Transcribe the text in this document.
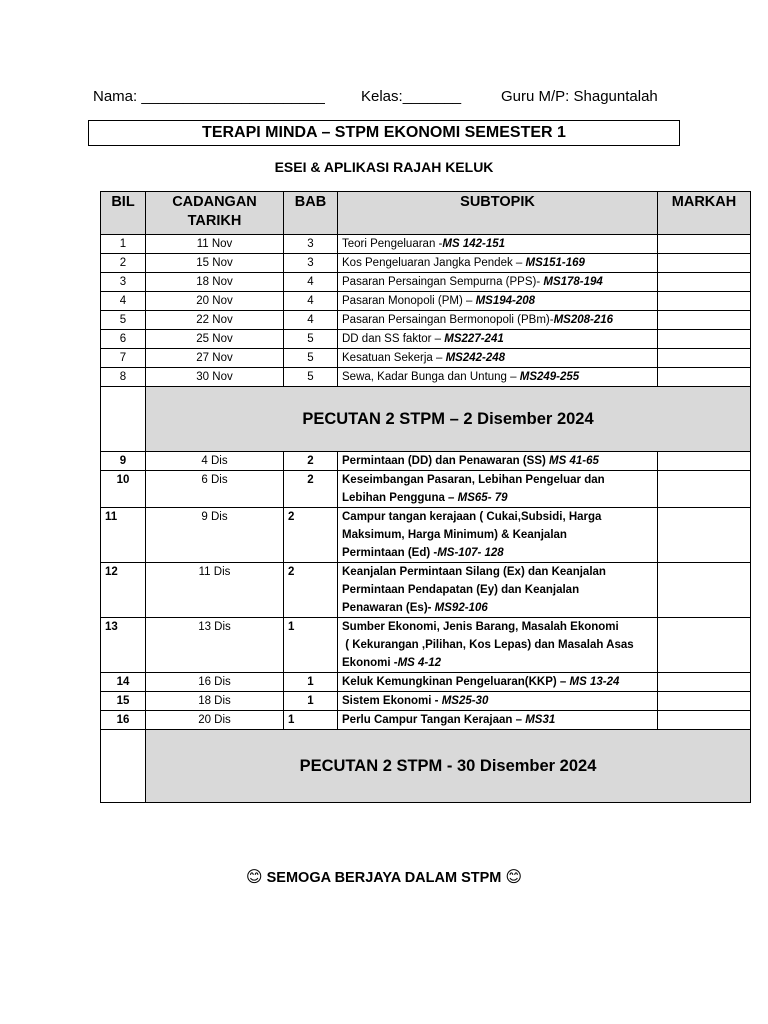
Nama: ______________________ Kelas:_______	Guru M/P: Shaguntalah
TERAPI MINDA – STPM EKONOMI SEMESTER 1
ESEI & APLIKASI RAJAH KELUK
BIL	CADANGAN TARIKH	BAB	SUBTOPIK	MARKAH
1	11 Nov	3	Teori Pengeluaran -MS 142-151	
2	15 Nov	3	Kos Pengeluaran Jangka Pendek – MS151-169	
3	18 Nov	4	Pasaran Persaingan Sempurna (PPS)- MS178-194	
4	20 Nov	4	Pasaran Monopoli (PM) – MS194-208	
5	22 Nov	4	Pasaran Persaingan Bermonopoli (PBm)-MS208-216	
6	25 Nov	5	DD dan SS faktor – MS227-241	
7	27 Nov	5	Kesatuan Sekerja – MS242-248	
8	30 Nov	5	Sewa, Kadar Bunga dan Untung – MS249-255	
	PECUTAN 2 STPM – 2 Disember 2024			
9	4 Dis	2	Permintaan (DD) dan Penawaran (SS) MS 41-65	
10	6 Dis	2	Keseimbangan Pasaran, Lebihan Pengeluar dan
Lebihan Pengguna – MS65- 79	

11	9 Dis	2	Campur tangan kerajaan ( Cukai,Subsidi, Harga
Maksimum, Harga Minimum) & Keanjalan
Permintaan (Ed) -MS-107- 128	

12	11 Dis	2	Keanjalan Permintaan Silang (Ex) dan Keanjalan
Permintaan Pendapatan (Ey) dan Keanjalan
Penawaran (Es)- MS92-106	

13	13 Dis	1	Sumber Ekonomi, Jenis Barang, Masalah Ekonomi
( Kekurangan ,Pilihan, Kos Lepas) dan Masalah Asas
Ekonomi -MS 4-12	

14	16 Dis	1	Keluk Kemungkinan Pengeluaran(KKP) – MS 13-24	
15	18 Dis	1	Sistem Ekonomi - MS25-30	
16	20 Dis	1	Perlu Campur Tangan Kerajaan – MS31	
	PECUTAN 2 STPM - 30 Disember 2024			
😊 SEMOGA BERJAYA DALAM STPM 😊
